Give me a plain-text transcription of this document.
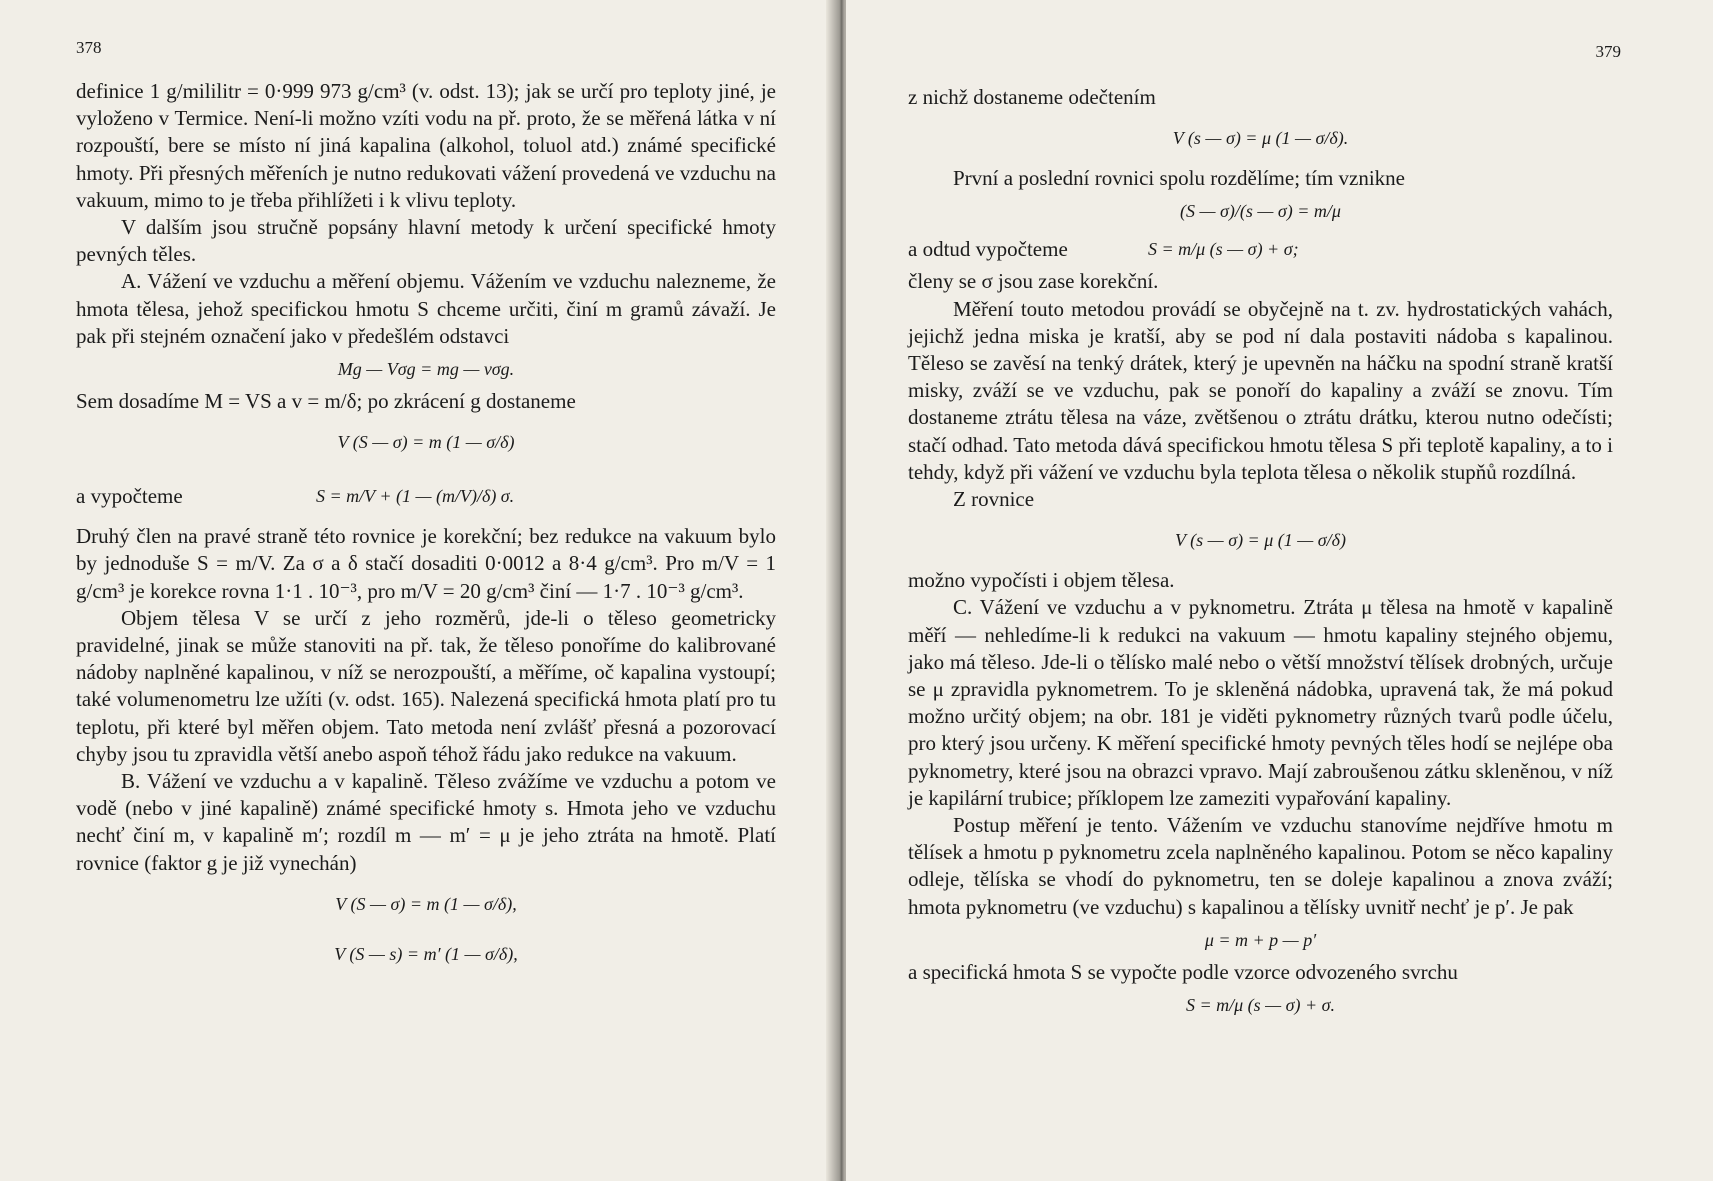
378

definice 1 g/mililitr = 0·999 973 g/cm³ (v. odst. 13); jak se určí pro teploty jiné, je vyloženo v Termice. Není-li možno vzíti vodu na př. proto, že se měřená látka v ní rozpouští, bere se místo ní jiná kapalina (alkohol, toluol atd.) známé specifické hmoty. Při přesných měřeních je nutno redukovati vážení provedená ve vzduchu na vakuum, mimo to je třeba přihlížeti i k vlivu teploty.

V dalším jsou stručně popsány hlavní metody k určení specifické hmoty pevných těles.

A. Vážení ve vzduchu a měření objemu. Vážením ve vzduchu nalezneme, že hmota tělesa, jehož specifickou hmotu S chceme určiti, činí m gramů závaží. Je pak při stejném označení jako v předešlém odstavci

Mg — Vσg = mg — vσg.

Sem dosadíme M = VS a v = m/δ; po zkrácení g dostaneme

V (S — σ) = m (1 — σ/δ)
a vypočteme	S = m/V + (1 — (m/V)/δ) σ.

Druhý člen na pravé straně této rovnice je korekční; bez redukce na vakuum bylo by jednoduše S = m/V. Za σ a δ stačí dosaditi 0·0012 a 8·4 g/cm³. Pro m/V = 1 g/cm³ je korekce rovna 1·1 . 10⁻³, pro m/V = 20 g/cm³ činí — 1·7 . 10⁻³ g/cm³.

Objem tělesa V se určí z jeho rozměrů, jde-li o těleso geometricky pravidelné, jinak se může stanoviti na př. tak, že těleso ponoříme do kalibrované nádoby naplněné kapalinou, v níž se nerozpouští, a měříme, oč kapalina vystoupí; také volumenometru lze užíti (v. odst. 165). Nalezená specifická hmota platí pro tu teplotu, při které byl měřen objem. Tato metoda není zvlášť přesná a pozorovací chyby jsou tu zpravidla větší anebo aspoň téhož řádu jako redukce na vakuum.

B. Vážení ve vzduchu a v kapalině. Těleso zvážíme ve vzduchu a potom ve vodě (nebo v jiné kapalině) známé specifické hmoty s. Hmota jeho ve vzduchu nechť činí m, v kapalině m′; rozdíl m — m′ = μ je jeho ztráta na hmotě. Platí rovnice (faktor g je již vynechán)

V (S — σ) = m (1 — σ/δ),
V (S — s) = m′ (1 — σ/δ),
379

z nichž dostaneme odečtením

V (s — σ) = μ (1 — σ/δ).

První a poslední rovnici spolu rozdělíme; tím vznikne

(S — σ)/(s — σ) = m/μ
a odtud vypočteme	S = m/μ (s — σ) + σ;

členy se σ jsou zase korekční.

Měření touto metodou provádí se obyčejně na t. zv. hydrostatických vahách, jejichž jedna miska je kratší, aby se pod ní dala postaviti nádoba s kapalinou. Těleso se zavěsí na tenký drátek, který je upevněn na háčku na spodní straně kratší misky, zváží se ve vzduchu, pak se ponoří do kapaliny a zváží se znovu. Tím dostaneme ztrátu tělesa na váze, zvětšenou o ztrátu drátku, kterou nutno odečísti; stačí odhad. Tato metoda dává specifickou hmotu tělesa S při teplotě kapaliny, a to i tehdy, když při vážení ve vzduchu byla teplota tělesa o několik stupňů rozdílná.

Z rovnice

V (s — σ) = μ (1 — σ/δ)

možno vypočísti i objem tělesa.

C. Vážení ve vzduchu a v pyknometru. Ztráta μ tělesa na hmotě v kapalině měří — nehledíme-li k redukci na vakuum — hmotu kapaliny stejného objemu, jako má těleso. Jde-li o tělísko malé nebo o větší množství tělísek drobných, určuje se μ zpravidla pyknometrem. To je skleněná nádobka, upravená tak, že má pokud možno určitý objem; na obr. 181 je viděti pyknometry různých tvarů podle účelu, pro který jsou určeny. K měření specifické hmoty pevných těles hodí se nejlépe oba pyknometry, které jsou na obrazci vpravo. Mají zabroušenou zátku skleněnou, v níž je kapilární trubice; příklopem lze zameziti vypařování kapaliny.

Postup měření je tento. Vážením ve vzduchu stanovíme nejdříve hmotu m tělísek a hmotu p pyknometru zcela naplněného kapalinou. Potom se něco kapaliny odleje, tělíska se vhodí do pyknometru, ten se doleje kapalinou a znova zváží; hmota pyknometru (ve vzduchu) s kapalinou a tělísky uvnitř nechť je p′. Je pak

μ = m + p — p′

a specifická hmota S se vypočte podle vzorce odvozeného svrchu

S = m/μ (s — σ) + σ.
